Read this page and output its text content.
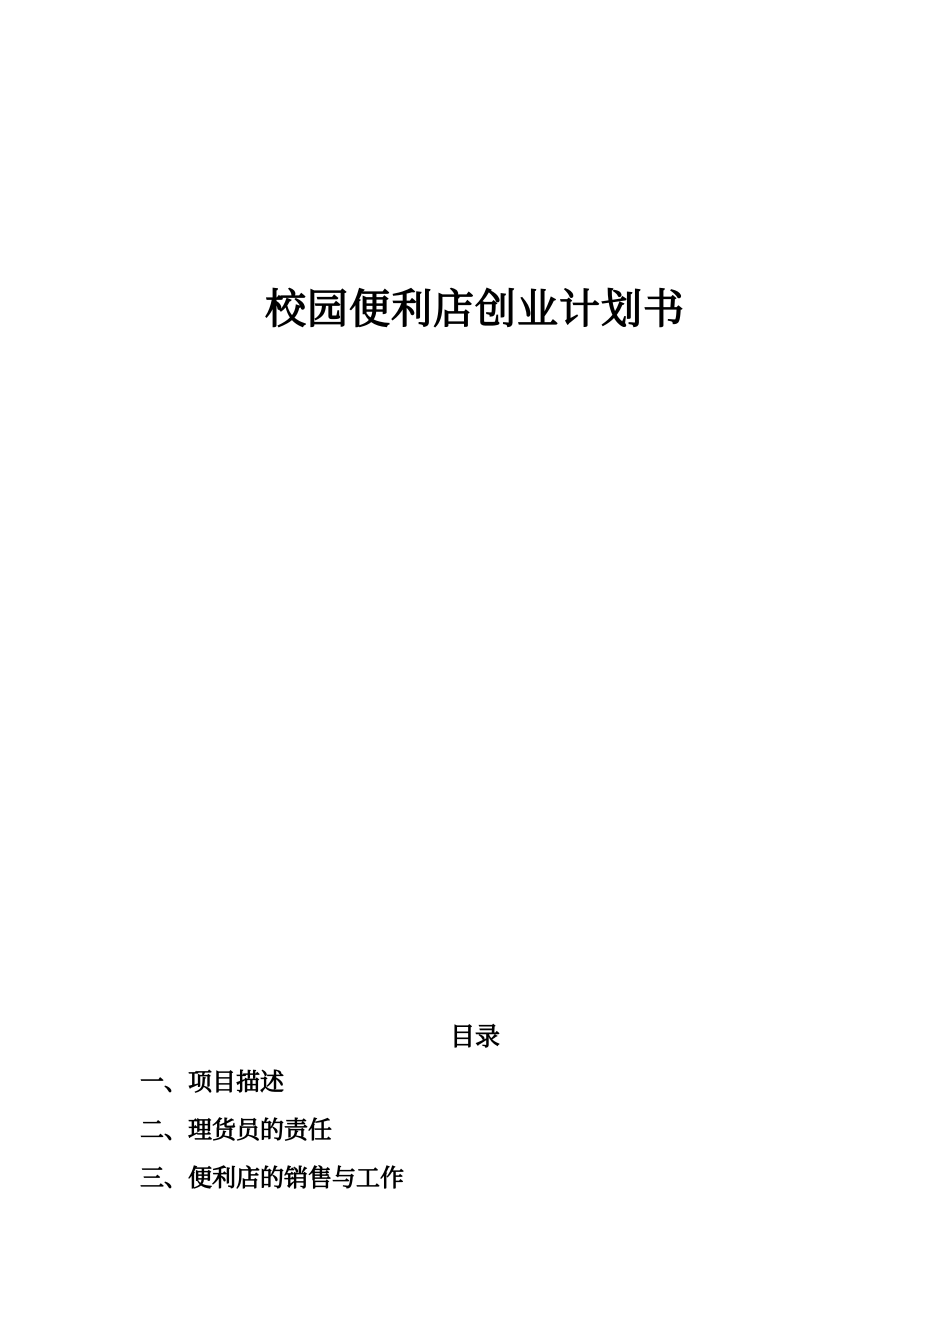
校园便利店创业计划书
目录
一、项目描述
二、理货员的责任
三、便利店的销售与工作
